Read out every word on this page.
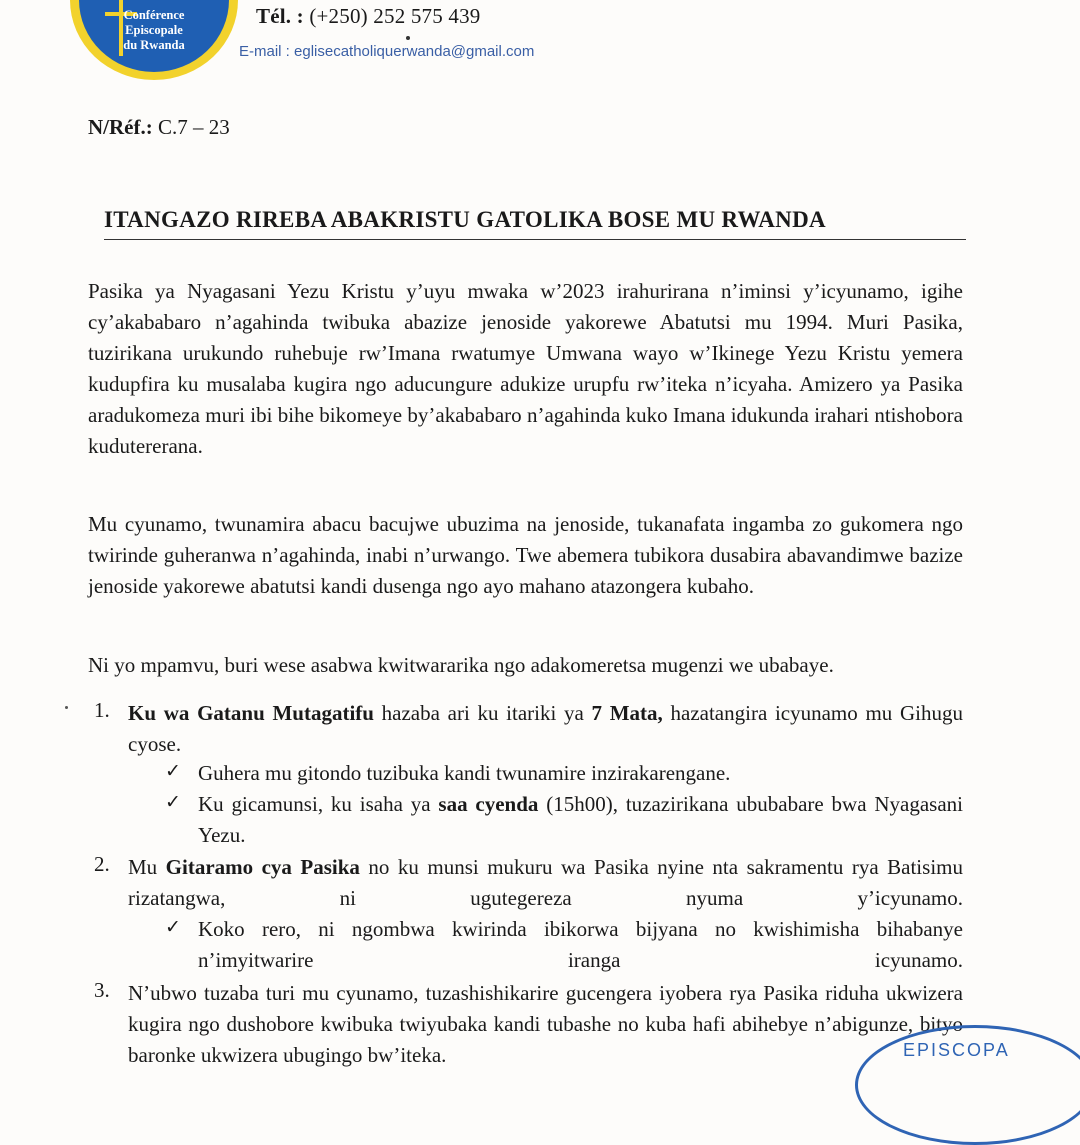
Conférence
Episcopale
du Rwanda
Tél. : (+250) 252 575 439
E-mail : eglisecatholiquerwanda@gmail.com
N/Réf.: C.7 – 23
ITANGAZO RIREBA ABAKRISTU GATOLIKA BOSE MU RWANDA
Pasika ya Nyagasani Yezu Kristu y’uyu mwaka w’2023 irahurirana n’iminsi y’icyunamo, igihe cy’akababaro n’agahinda twibuka abazize jenoside yakorewe Abatutsi mu 1994. Muri Pasika, tuzirikana urukundo ruhebuje rw’Imana rwatumye Umwana wayo w’Ikinege Yezu Kristu yemera kudupfira ku musalaba kugira ngo aducungure adukize urupfu rw’iteka n’icyaha. Amizero ya Pasika aradukomeza muri ibi bihe bikomeye by’akababaro n’agahinda kuko Imana idukunda irahari ntishobora kudutererana.
Mu cyunamo, twunamira abacu bacujwe ubuzima na jenoside, tukanafata ingamba zo gukomera ngo twirinde guheranwa n’agahinda, inabi n’urwango. Twe abemera tubikora dusabira abavandimwe bazize jenoside yakorewe abatutsi kandi dusenga ngo ayo mahano atazongera kubaho.
Ni yo mpamvu, buri wese asabwa kwitwararika ngo adakomeretsa mugenzi we ubabaye.
1. Ku wa Gatanu Mutagatifu hazaba ari ku itariki ya 7 Mata, hazatangira icyunamo mu Gihugu cyose.
✓ Guhera mu gitondo tuzibuka kandi twunamire inzirakarengane.
✓ Ku gicamunsi, ku isaha ya saa cyenda (15h00), tuzazirikana ububabare bwa Nyagasani Yezu.
2. Mu Gitaramo cya Pasika no ku munsi mukuru wa Pasika nyine nta sakramentu rya Batisimu rizatangwa, ni ugutegereza nyuma y’icyunamo.
✓ Koko rero, ni ngombwa kwirinda ibikorwa bijyana no kwishimisha bihabanye n’imyitwarire iranga icyunamo.
3. N’ubwo tuzaba turi mu cyunamo, tuzashishikarire gucengera iyobera rya Pasika riduha ukwizera kugira ngo dushobore kwibuka twiyubaka kandi tubashe no kuba hafi abihebye n’abigunze, bityo baronke ukwizera ubugingo bw’iteka.	EPISCOPA
